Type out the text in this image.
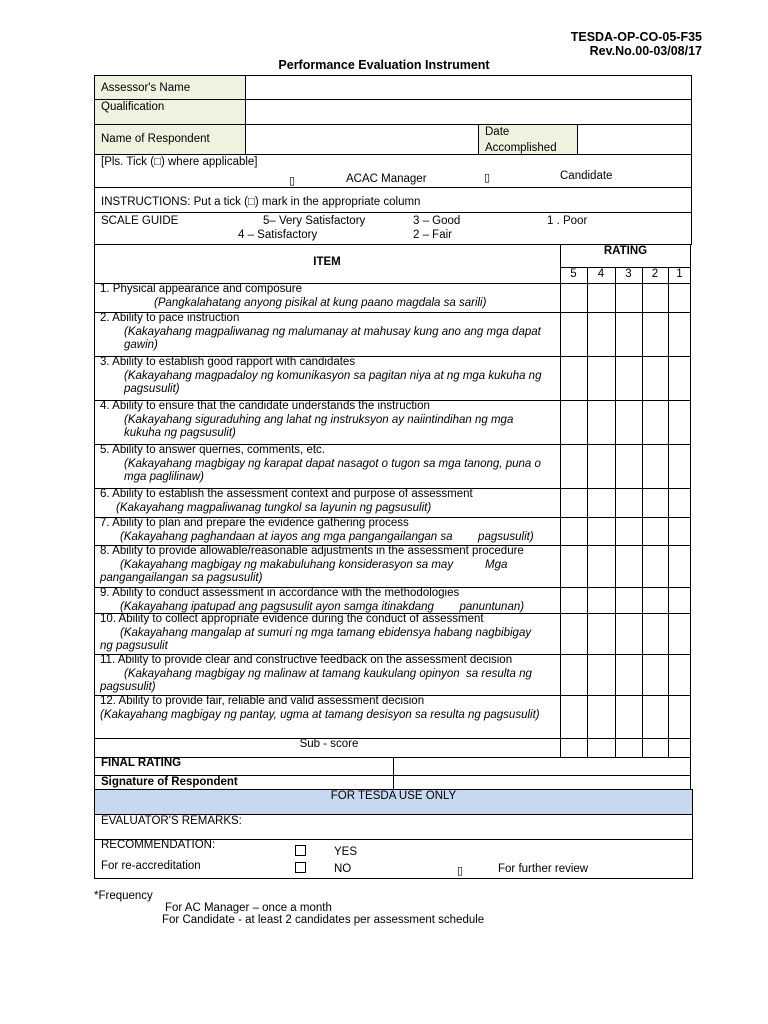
TESDA-OP-CO-05-F35
Rev.No.00-03/08/17
Performance Evaluation Instrument
Assessor's Name
Qualification
Name of Respondent
Date
Accomplished
[Pls. Tick (□) where applicable]
▯	ACAC Manager	▯	Candidate
INSTRUCTIONS: Put a tick (□) mark in the appropriate column
SCALE GUIDE	5– Very Satisfactory	3 – Good	1 . Poor
4 – Satisfactory	2 – Fair
ITEM
RATING
5	4	3	2	1
1. Physical appearance and composure
(Pangkalahatang anyong pisikal at kung paano magdala sa sarili)
2. Ability to pace instruction
(Kakayahang magpaliwanag ng malumanay at mahusay kung ano ang mga dapat
gawin)
3. Ability to establish good rapport with candidates
(Kakayahang magpadaloy ng komunikasyon sa pagitan niya at ng mga kukuha ng
pagsusulit)
4. Ability to ensure that the candidate understands the instruction
(Kakayahang siguraduhing ang lahat ng instruksyon ay naiintindihan ng mga
kukuha ng pagsusulit)
5. Ability to answer querries, comments, etc.
(Kakayahang magbigay ng karapat dapat nasagot o tugon sa mga tanong, puna o
mga paglilinaw)
6. Ability to establish the assessment context and purpose of assessment
(Kakayahang magpaliwanag tungkol sa layunin ng pagsusulit)
7. Ability to plan and prepare the evidence gathering process
(Kakayahang paghandaan at iayos ang mga pangangailangan sa        pagsusulit)
8. Ability to provide allowable/reasonable adjustments in the assessment procedure
(Kakayahang magbigay ng makabuluhang konsiderasyon sa may          Mga
pangangailangan sa pagsusulit)
9. Ability to conduct assessment in accordance with the methodologies
(Kakayahang ipatupad ang pagsusulit ayon samga itinakdang        panuntunan)
10. Ability to collect appropriate evidence during the conduct of assessment
(Kakayahang mangalap at sumuri ng mga tamang ebidensya habang nagbibigay
ng pagsusulit
11. Ability to provide clear and constructive feedback on the assessment decision
(Kakayahang magbigay ng malinaw at tamang kaukulang opinyon  sa resulta ng
pagsusulit)
12. Ability to provide fair, reliable and valid assessment decision
(Kakayahang magbigay ng pantay, ugma at tamang desisyon sa resulta ng pagsusulit)
Sub - score
FINAL RATING
Signature of Respondent
FOR TESDA USE ONLY
EVALUATOR'S REMARKS:
RECOMMENDATION:
For re-accreditation
YES
NO	▯	For further review
*Frequency
For AC Manager – once a month
For Candidate - at least 2 candidates per assessment schedule
